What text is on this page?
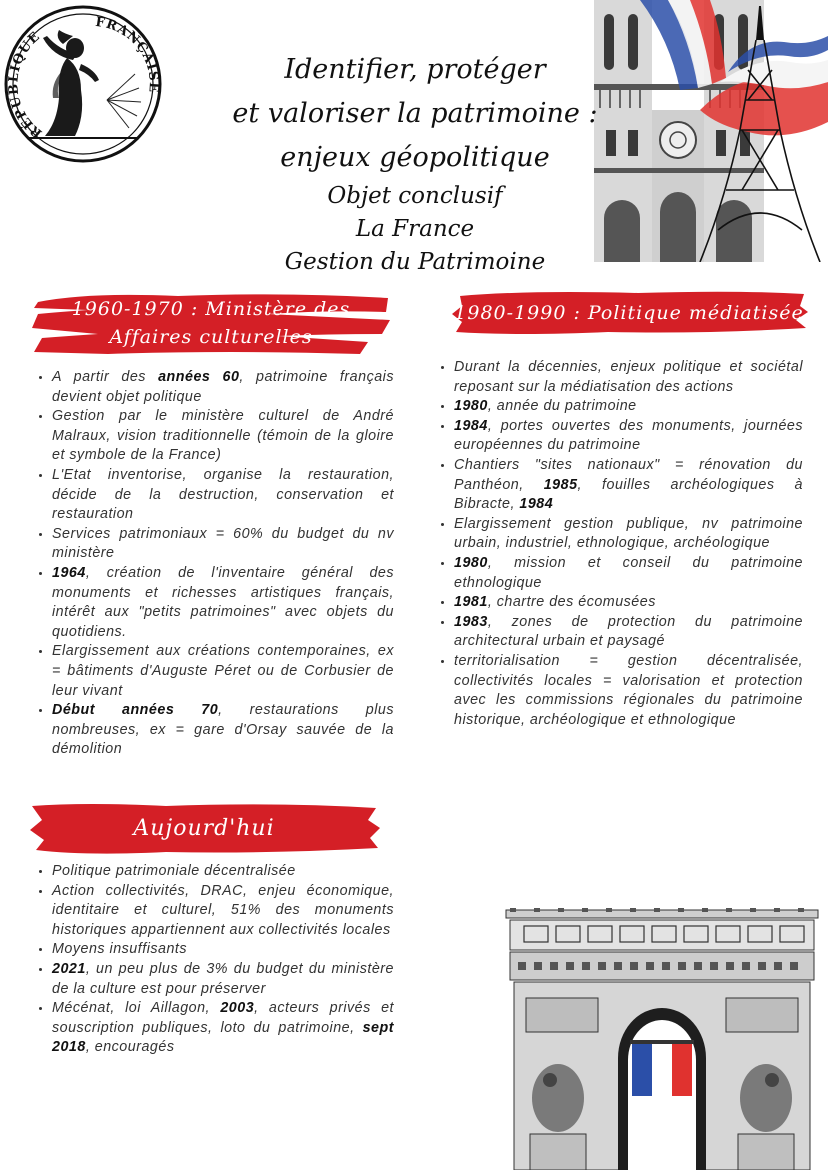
RÉPUBLIQUE
FRANÇAISE
Identifier, protéger
et valoriser la patrimoine :
enjeux géopolitique
Objet conclusif
La France
Gestion du Patrimoine
1960-1970 : Ministère des
Affaires culturelles
1980-1990 : Politique médiatisée
• A partir des années 60, patrimoine français devient objet politique
• Gestion par le ministère culturel de André Malraux, vision traditionnelle (témoin de la gloire et symbole de la France)
• L'Etat inventorise, organise la restauration, décide de la destruction, conservation et restauration
• Services patrimoniaux = 60% du budget du nv ministère
• 1964, création de l'inventaire général des monuments et richesses artistiques français, intérêt aux "petits patrimoines" avec objets du quotidiens.
• Elargissement aux créations contemporaines, ex = bâtiments d'Auguste Péret ou de Corbusier de leur vivant
• Début années 70, restaurations plus nombreuses, ex = gare d'Orsay sauvée de la démolition
• Durant la décennies, enjeux politique et sociétal reposant sur la médiatisation des actions
• 1980, année du patrimoine
• 1984, portes ouvertes des monuments, journées européennes du patrimoine
• Chantiers "sites nationaux" = rénovation du Panthéon, 1985, fouilles archéologiques à Bibracte, 1984
• Elargissement gestion publique, nv patrimoine urbain, industriel, ethnologique, archéologique
• 1980, mission et conseil du patrimoine ethnologique
• 1981, chartre des écomusées
• 1983, zones de protection du patrimoine architectural urbain et paysagé
• territorialisation = gestion décentralisée, collectivités locales = valorisation et protection avec les commissions régionales du patrimoine historique, archéologique et ethnologique
Aujourd'hui
• Politique patrimoniale décentralisée
• Action collectivités, DRAC, enjeu économique, identitaire et culturel, 51% des monuments historiques appartiennent aux collectivités locales
• Moyens insuffisants
• 2021, un peu plus de 3% du budget du ministère de la culture est pour préserver
• Mécénat, loi Aillagon, 2003, acteurs privés et souscription publiques, loto du patrimoine, sept 2018, encouragés
